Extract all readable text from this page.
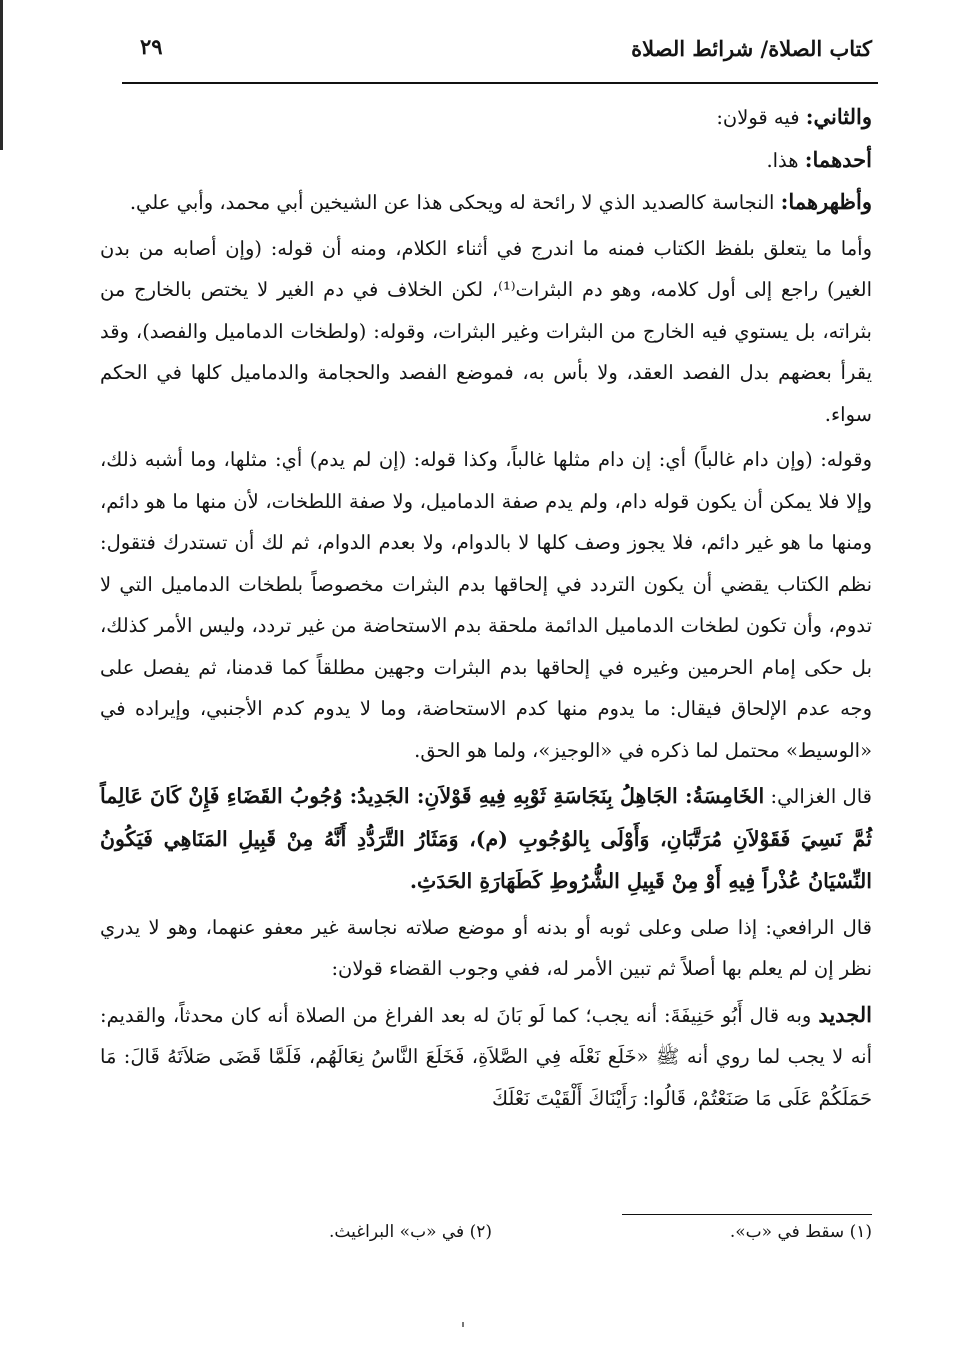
كتاب الصلاة/ شرائط الصلاة
٢٩

والثاني: فيه قولان:

أحدهما: هذا.

وأظهرهما: النجاسة كالصديد الذي لا رائحة له ويحكى هذا عن الشيخين أبي محمد، وأبي علي.

وأما ما يتعلق بلفظ الكتاب فمنه ما اندرج في أثناء الكلام، ومنه أن قوله: (وإن أصابه من بدن الغير) راجع إلى أول كلامه، وهو دم البثرات⁽¹⁾، لكن الخلاف في دم الغير لا يختص بالخارج من بثراته، بل يستوي فيه الخارج من البثرات وغير البثرات، وقوله: (ولطخات الدماميل والفصد)، وقد يقرأ بعضهم بدل الفصد العقد، ولا بأس به، فموضع الفصد والحجامة والدماميل كلها في الحكم سواء.

وقوله: (وإن دام غالباً) أي: إن دام مثلها غالباً، وكذا قوله: (إن لم يدم) أي: مثلها، وما أشبه ذلك، وإلا فلا يمكن أن يكون قوله دام، ولم يدم صفة الدماميل، ولا صفة اللطخات، لأن منها ما هو دائم، ومنها ما هو غير دائم، فلا يجوز وصف كلها لا بالدوام، ولا بعدم الدوام، ثم لك أن تستدرك فتقول: نظم الكتاب يقضي أن يكون التردد في إلحاقها بدم البثرات مخصوصاً بلطخات الدماميل التي لا تدوم، وأن تكون لطخات الدماميل الدائمة ملحقة بدم الاستحاضة من غير تردد، وليس الأمر كذلك، بل حكى إمام الحرمين وغيره في إلحاقها بدم البثرات وجهين مطلقاً كما قدمنا، ثم يفصل على وجه عدم الإلحاق فيقال: ما يدوم منها كدم الاستحاضة، وما لا يدوم كدم الأجنبي، وإيراده في «الوسيط» محتمل لما ذكره في «الوجيز»، ولما هو الحق.

قال الغزالي: الخَامِسَةُ: الجَاهِلُ بِنَجَاسَةِ ثَوْبِهِ فِيهِ قَوْلاَنِ: الجَدِيدُ: وُجُوبُ القَضَاءِ فَإِنْ كَانَ عَالِماً ثُمَّ نَسِيَ فَقَوْلاَنِ مُرَتَّبَانِ، وَأَوْلَى بِالوُجُوبِ (م)، وَمَثَارُ التَّرَدُّدِ أَنَّهُ مِنْ قَبِيلِ المَنَاهِي فَيَكُونُ النِّسْيَانُ عُذْراً فِيهِ أَوْ مِنْ قَبِيلِ الشُّرُوطِ كَطَهَارَةِ الحَدَثِ.

قال الرافعي: إذا صلى وعلى ثوبه أو بدنه أو موضع صلاته نجاسة غير معفو عنهما، وهو لا يدري نظر إن لم يعلم بها أصلاً ثم تبين الأمر له، ففي وجوب القضاء قولان:

الجديد وبه قال أَبُو حَنِيفَةَ: أنه يجب؛ كما لَو بَانَ له بعد الفراغ من الصلاة أنه كان محدثاً، والقديم: أنه لا يجب لما روي أنه ﷺ «خَلَع نَعْلَه فِي الصَّلاَةِ، فَخَلَعَ النَّاسُ نِعَالَهُم، فَلَمَّا قَضَى صَلاَتَهُ قَالَ: مَا حَمَلَكُمْ عَلَى مَا صَنَعْتُمْ، قَالُوا: رَأَيْنَاكَ أَلْقَيْتَ نَعْلَكَ

(١) سقط في «ب».
(٢) في «ب» البراغيث.
